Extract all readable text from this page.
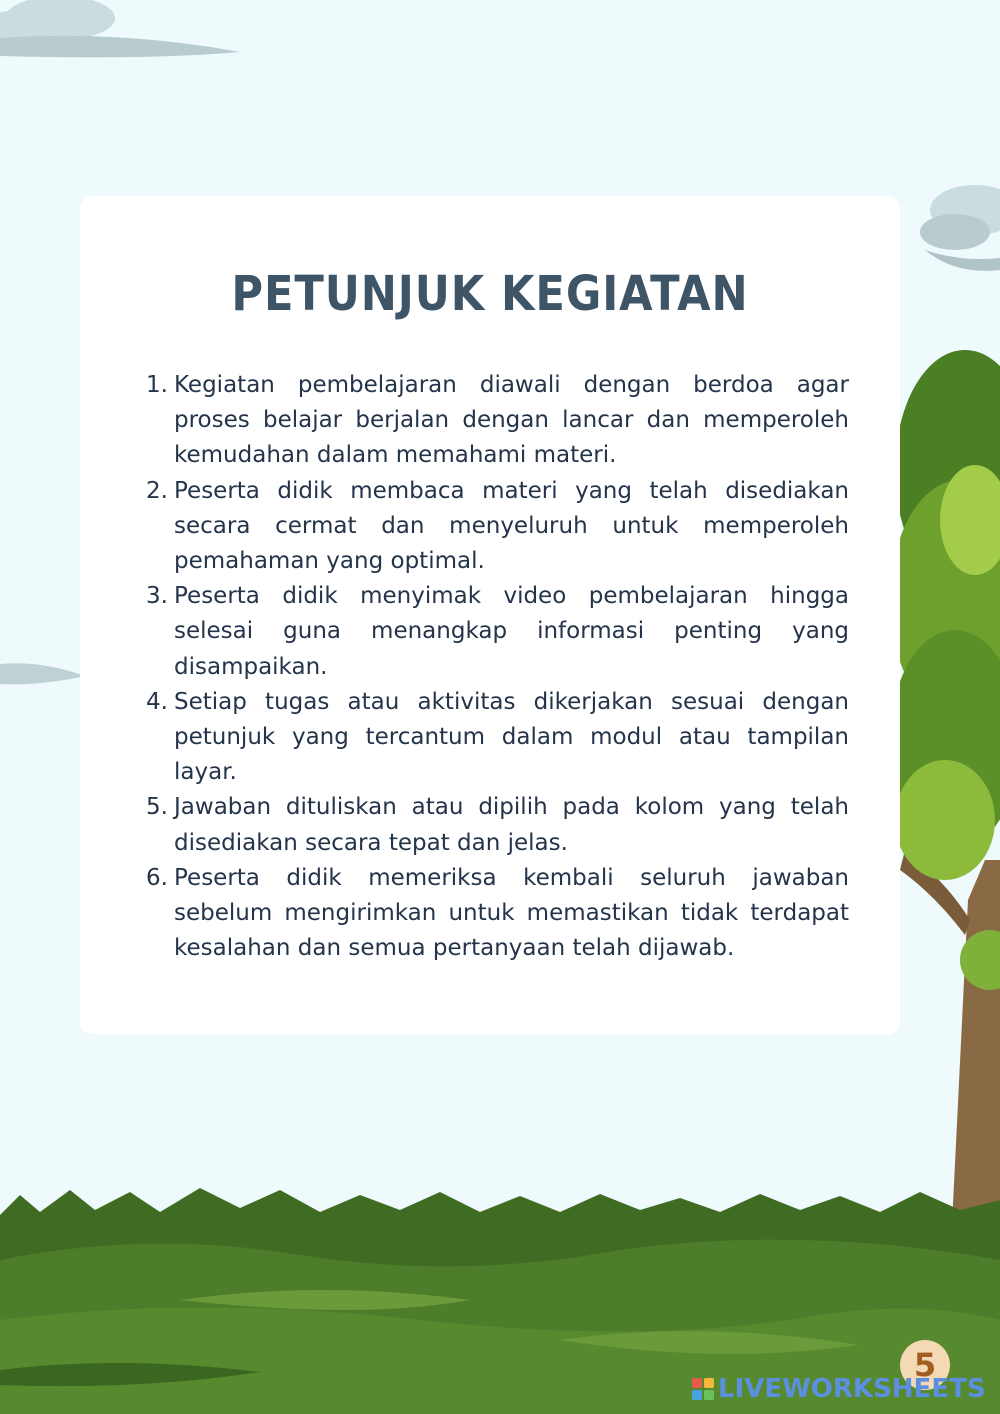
PETUNJUK KEGIATAN
1. Kegiatan pembelajaran diawali dengan berdoa agar proses belajar berjalan dengan lancar dan memperoleh kemudahan dalam memahami materi.
2. Peserta didik membaca materi yang telah disediakan secara cermat dan menyeluruh untuk memperoleh pemahaman yang optimal.
3. Peserta didik menyimak video pembelajaran hingga selesai guna menangkap informasi penting yang disampaikan.
4. Setiap tugas atau aktivitas dikerjakan sesuai dengan petunjuk yang tercantum dalam modul atau tampilan layar.
5. Jawaban dituliskan atau dipilih pada kolom yang telah disediakan secara tepat dan jelas.
6. Peserta didik memeriksa kembali seluruh jawaban sebelum mengirimkan untuk memastikan tidak terdapat kesalahan dan semua pertanyaan telah dijawab.
5
LIVEWORKSHEETS
